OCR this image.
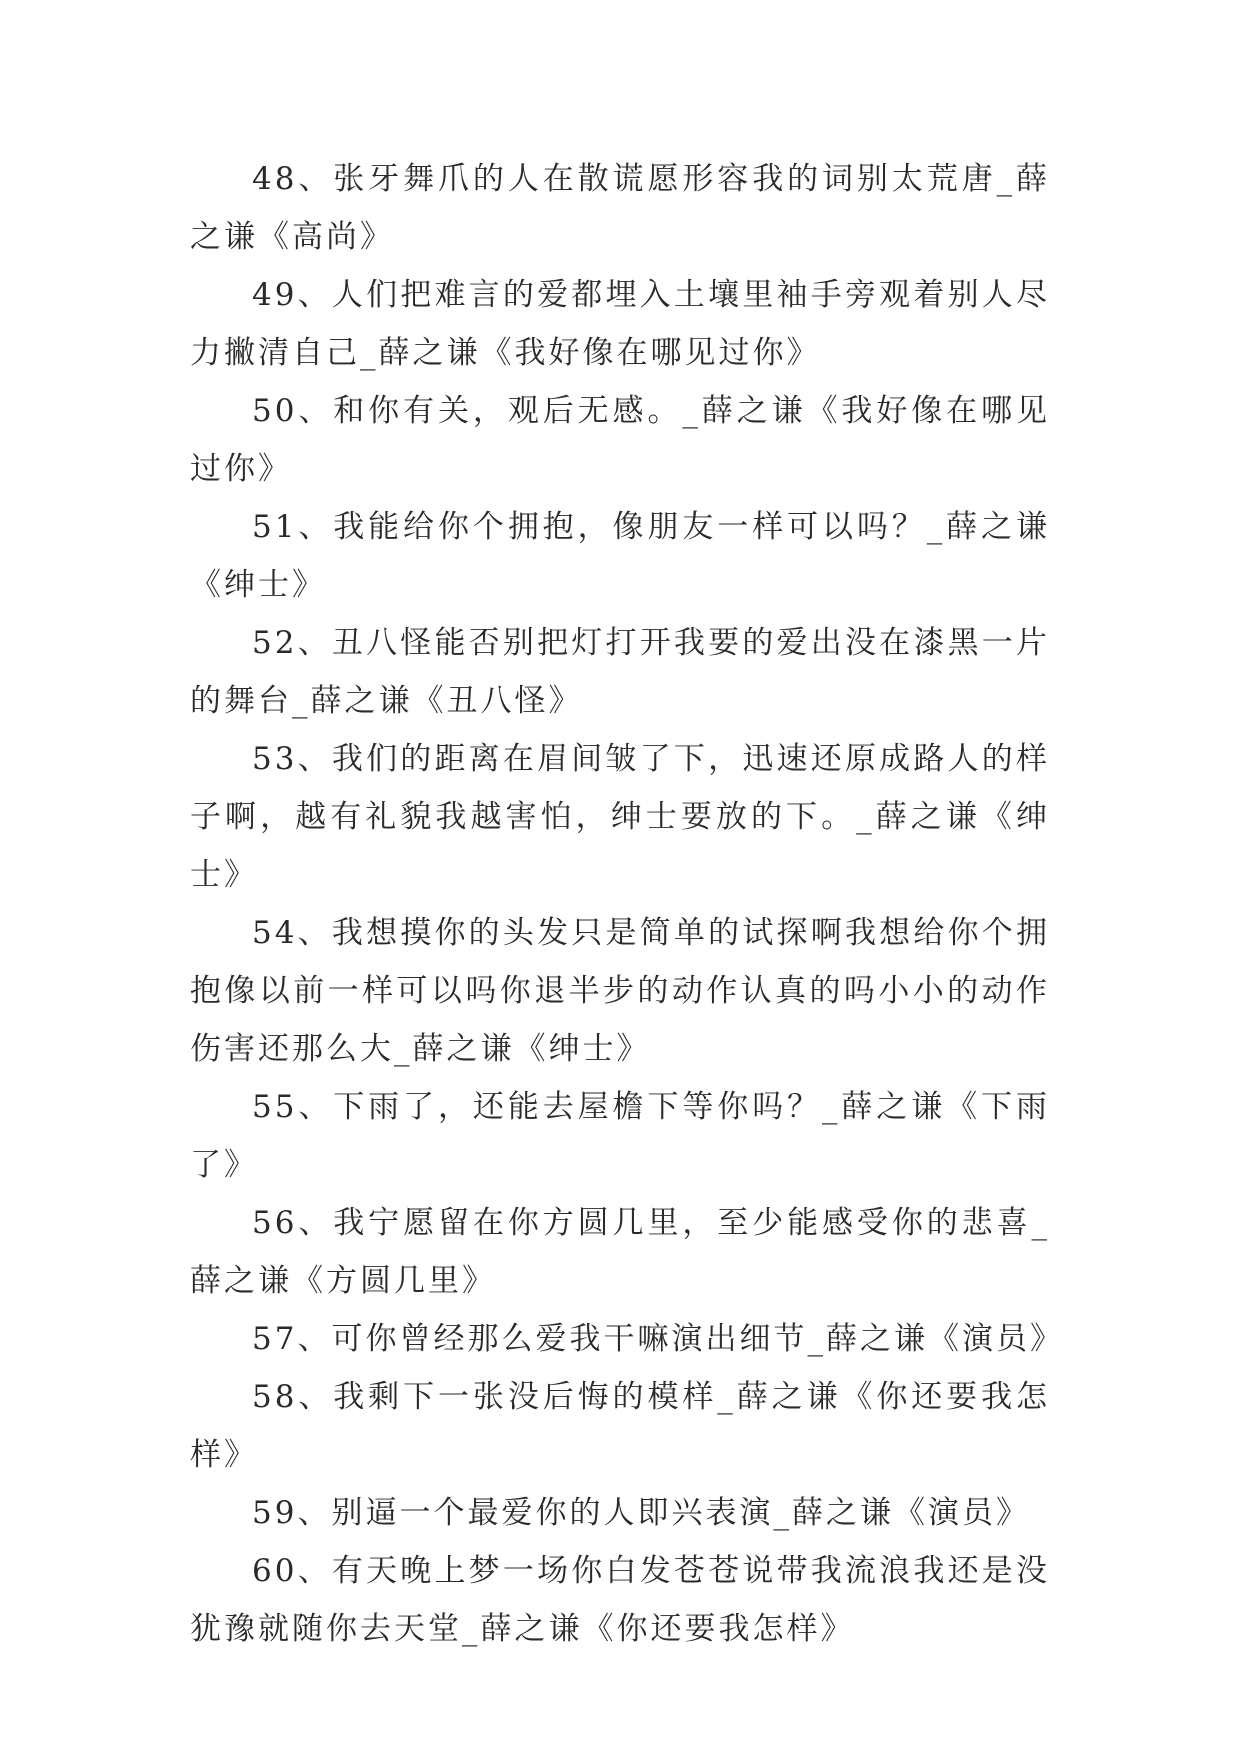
48、张牙舞爪的人在散谎愿形容我的词别太荒唐_薛之谦《高尚》

49、人们把难言的爱都埋入土壤里袖手旁观着别人尽力撇清自己_薛之谦《我好像在哪见过你》

50、和你有关，观后无感。_薛之谦《我好像在哪见过你》

51、我能给你个拥抱，像朋友一样可以吗？_薛之谦《绅士》

52、丑八怪能否别把灯打开我要的爱出没在漆黑一片的舞台_薛之谦《丑八怪》

53、我们的距离在眉间皱了下，迅速还原成路人的样子啊，越有礼貌我越害怕，绅士要放的下。_薛之谦《绅士》

54、我想摸你的头发只是简单的试探啊我想给你个拥抱像以前一样可以吗你退半步的动作认真的吗小小的动作伤害还那么大_薛之谦《绅士》

55、下雨了，还能去屋檐下等你吗？_薛之谦《下雨了》

56、我宁愿留在你方圆几里，至少能感受你的悲喜_薛之谦《方圆几里》

57、可你曾经那么爱我干嘛演出细节_薛之谦《演员》

58、我剩下一张没后悔的模样_薛之谦《你还要我怎样》

59、别逼一个最爱你的人即兴表演_薛之谦《演员》

60、有天晚上梦一场你白发苍苍说带我流浪我还是没犹豫就随你去天堂_薛之谦《你还要我怎样》
